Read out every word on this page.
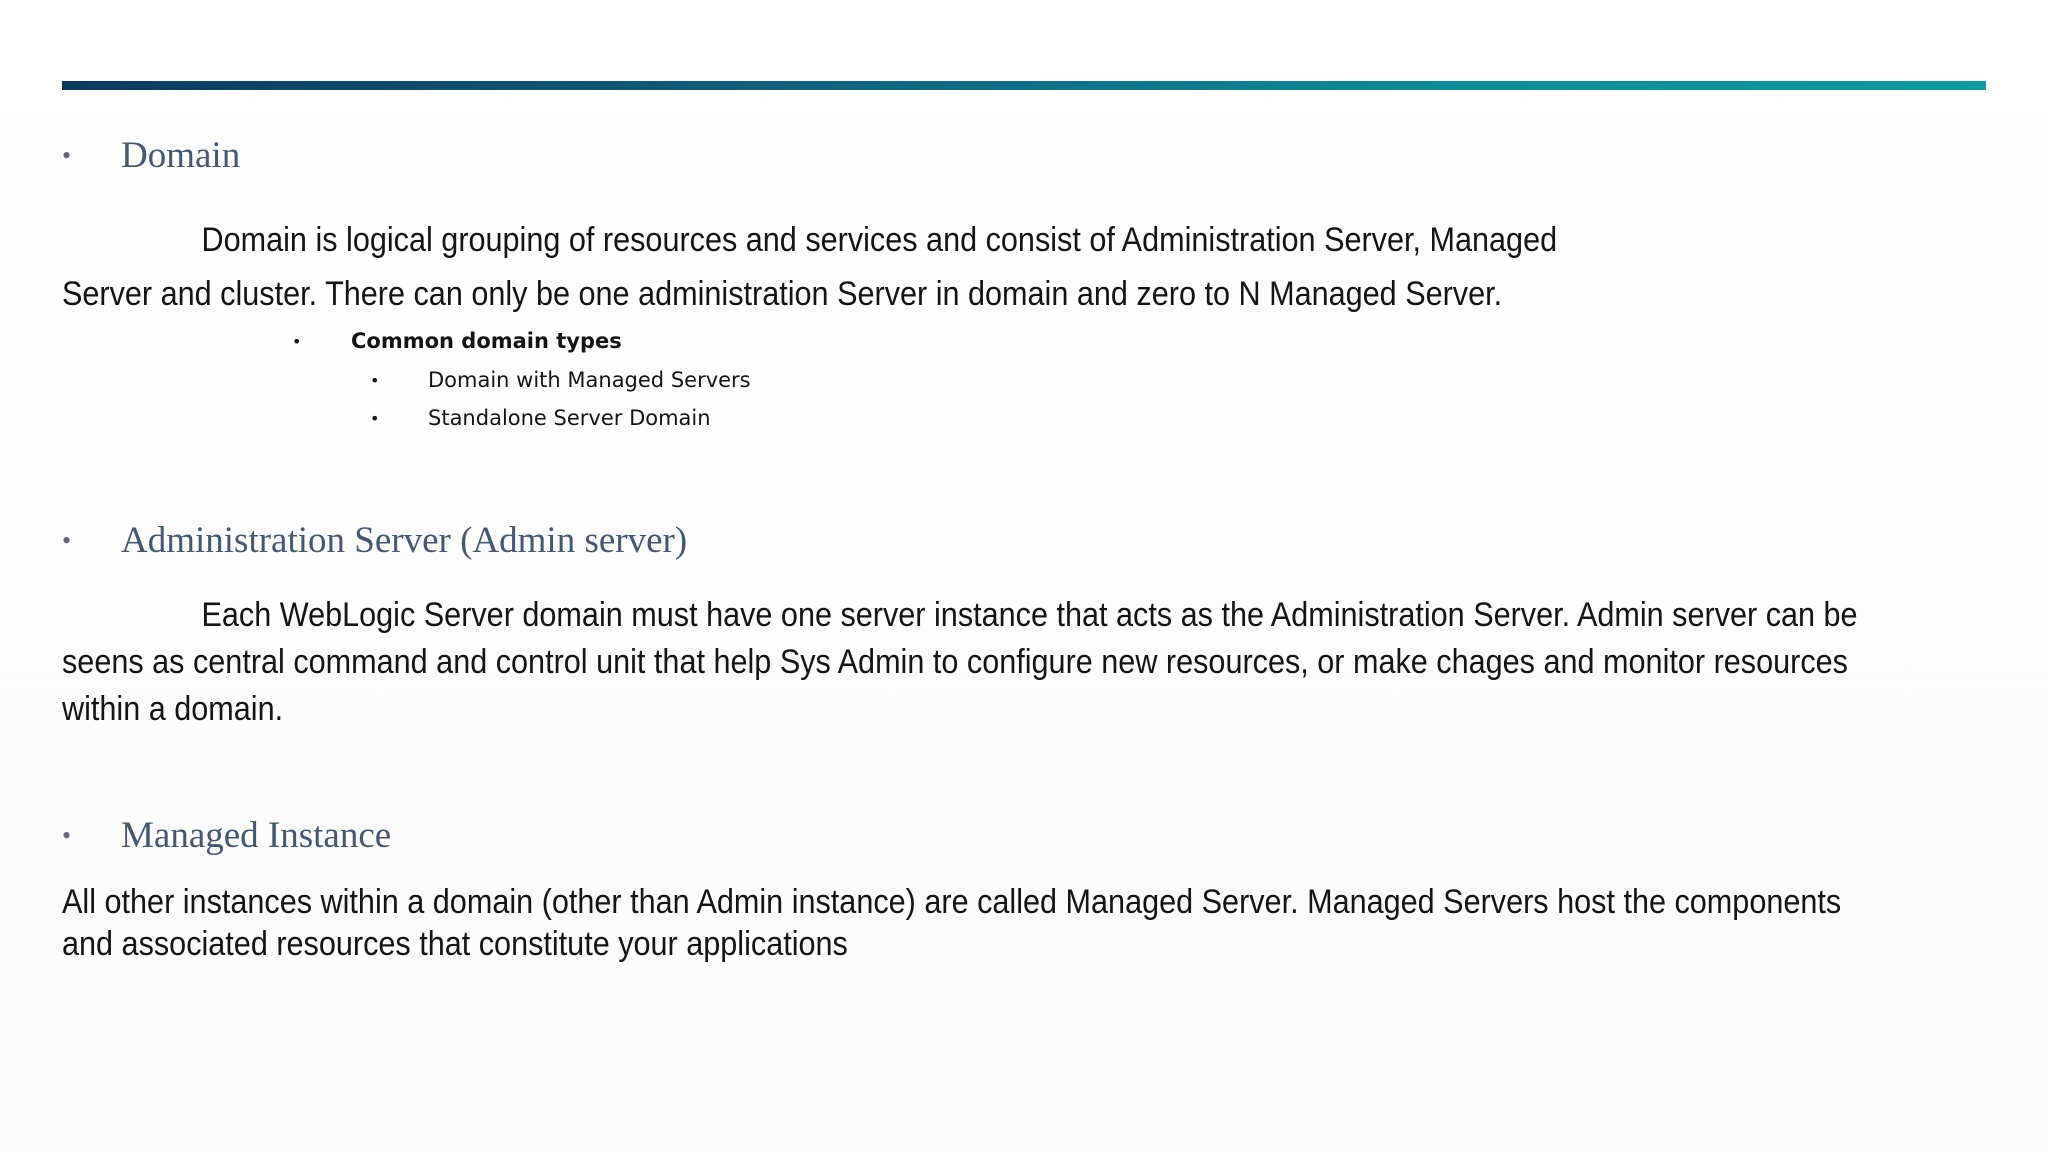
•	Domain
Domain is logical grouping of resources and services and consist of Administration Server, Managed
Server and cluster. There can only be one administration Server in domain and zero to N Managed Server.
•	Common domain types
•	Domain with Managed Servers
•	Standalone Server Domain
•	Administration Server (Admin server)
Each WebLogic Server domain must have one server instance that acts as the Administration Server. Admin server can be
seens as central command and control unit that help Sys Admin to configure new resources, or make chages and monitor resources
within a domain.
•	Managed Instance
All other instances within a domain (other than Admin instance) are called Managed Server. Managed Servers host the components
and associated resources that constitute your applications
